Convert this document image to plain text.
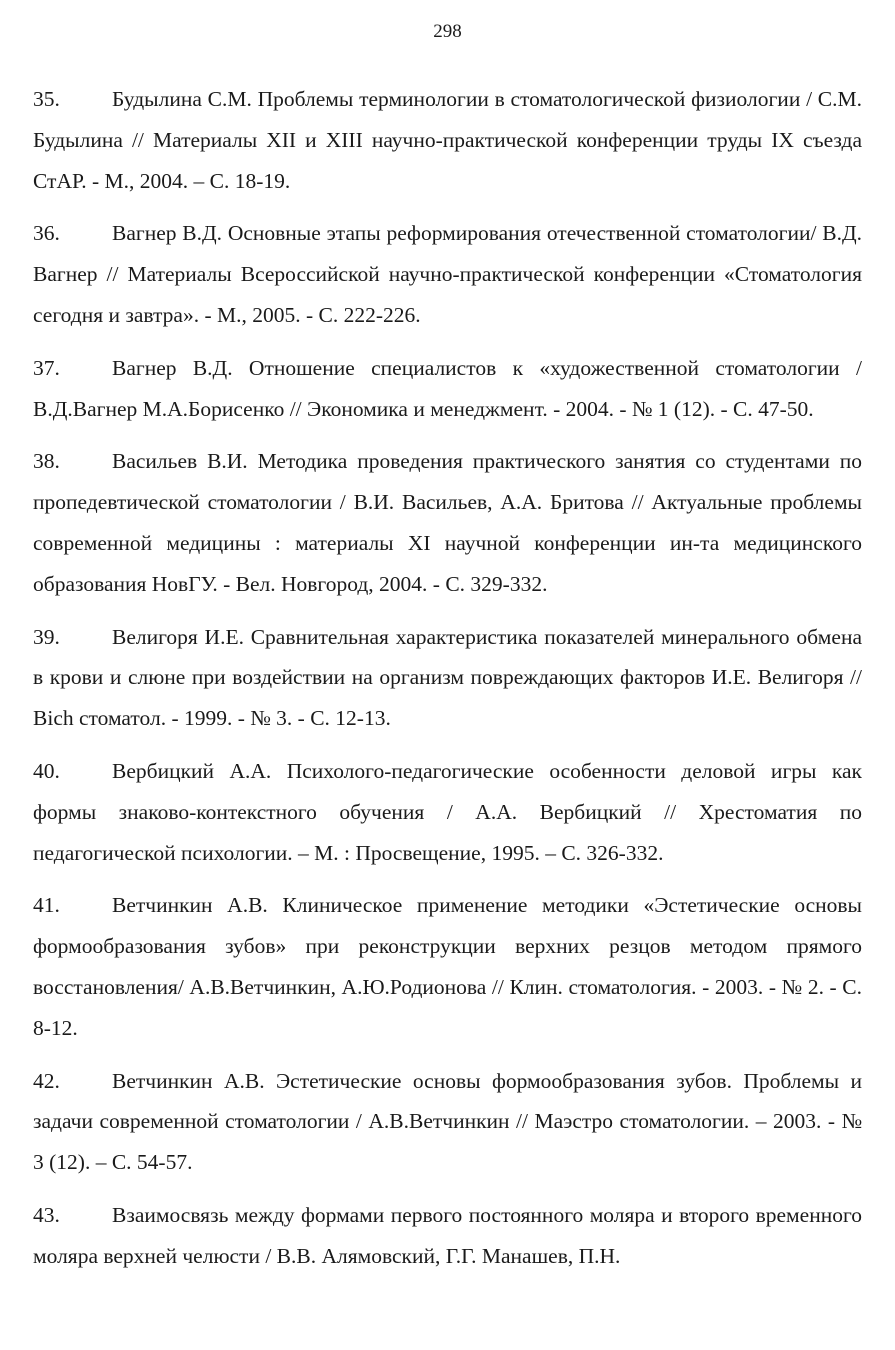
298
35. Будылина С.М. Проблемы терминологии в стоматологической физиологии / С.М. Будылина // Материалы XII и XIII научно-практической конференции труды IX съезда СтАР. - М., 2004. – С. 18-19.
36. Вагнер В.Д. Основные этапы реформирования отечественной стоматологии/ В.Д. Вагнер // Материалы Всероссийской научно-практической конференции «Стоматология сегодня и завтра». - М., 2005. - С. 222-226.
37. Вагнер В.Д. Отношение специалистов к «художественной стоматологии / В.Д.Вагнер М.А.Борисенко // Экономика и менеджмент. - 2004. - № 1 (12). - С. 47-50.
38. Васильев В.И. Методика проведения практического занятия со студентами по пропедевтической стоматологии / В.И. Васильев, А.А. Бритова // Актуальные проблемы современной медицины : материалы XI научной конференции ин-та медицинского образования НовГУ. - Вел. Новгород, 2004. - С. 329-332.
39. Велигоря И.Е. Сравнительная характеристика показателей минерального обмена в крови и слюне при воздействии на организм повреждающих факторов И.Е. Велигоря // Bich стоматол. - 1999. - № 3. - С. 12-13.
40. Вербицкий А.А. Психолого-педагогические особенности деловой игры как формы знаково-контекстного обучения / А.А. Вербицкий // Хрестоматия по педагогической психологии. – М. : Просвещение, 1995. – С. 326-332.
41. Ветчинкин А.В. Клиническое применение методики «Эстетические основы формообразования зубов» при реконструкции верхних резцов методом прямого восстановления/ А.В.Ветчинкин, А.Ю.Родионова // Клин. стоматология. - 2003. - № 2. - С. 8-12.
42. Ветчинкин А.В. Эстетические основы формообразования зубов. Проблемы и задачи современной стоматологии / А.В.Ветчинкин // Маэстро стоматологии. – 2003. - № 3 (12). – С. 54-57.
43. Взаимосвязь между формами первого постоянного моляра и второго временного моляра верхней челюсти / В.В. Алямовский, Г.Г. Манашев, П.Н.
